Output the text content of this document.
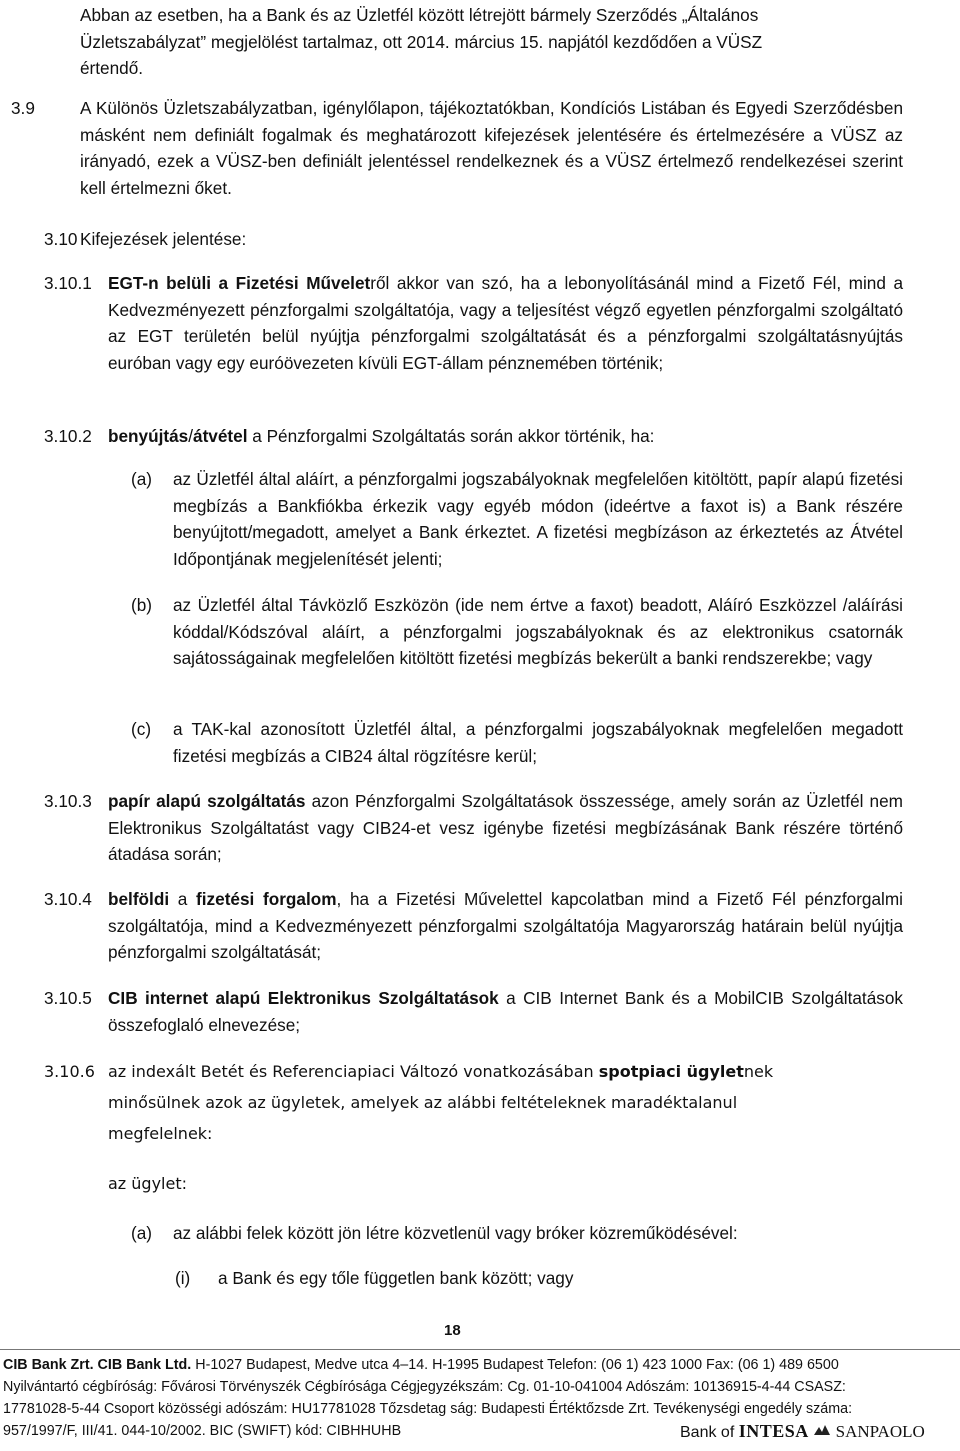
Abban az esetben, ha a Bank és az Üzletfél között létrejött bármely Szerződés „Általános
Üzletszabályzat” megjelölést tartalmaz, ott 2014. március 15. napjától kezdődően a VÜSZ
értendő.
3.9	A Különös Üzletszabályzatban, igénylőlapon, tájékoztatókban, Kondíciós Listában és Egyedi Szerződésben másként nem definiált fogalmak és meghatározott kifejezések jelentésére és értelmezésére a VÜSZ az irányadó, ezek a VÜSZ-ben definiált jelentéssel rendelkeznek és a VÜSZ értelmező rendelkezései szerint kell értelmezni őket.
3.10 Kifejezések jelentése:
3.10.1 EGT-n belüli a Fizetési Műveletről akkor van szó, ha a lebonyolításánál mind a Fizető Fél, mind a Kedvezményezett pénzforgalmi szolgáltatója, vagy a teljesítést végző egyetlen pénzforgalmi szolgáltató az EGT területén belül nyújtja pénzforgalmi szolgáltatását és a pénzforgalmi szolgáltatásnyújtás euróban vagy egy euróövezeten kívüli EGT-állam pénznemében történik;
3.10.2 benyújtás/átvétel a Pénzforgalmi Szolgáltatás során akkor történik, ha:
(a) az Üzletfél által aláírt, a pénzforgalmi jogszabályoknak megfelelően kitöltött, papír alapú fizetési megbízás a Bankfiókba érkezik vagy egyéb módon (ideértve a faxot is) a Bank részére benyújtott/megadott, amelyet a Bank érkeztet. A fizetési megbízáson az érkeztetés az Átvétel Időpontjának megjelenítését jelenti;
(b) az Üzletfél által Távközlő Eszközön (ide nem értve a faxot) beadott, Aláíró Eszközzel /aláírási kóddal/Kódszóval aláírt, a pénzforgalmi jogszabályoknak és az elektronikus csatornák sajátosságainak megfelelően kitöltött fizetési megbízás bekerült a banki rendszerekbe; vagy
(c) a TAK-kal azonosított Üzletfél által, a pénzforgalmi jogszabályoknak megfelelően megadott fizetési megbízás a CIB24 által rögzítésre kerül;
3.10.3 papír alapú szolgáltatás azon Pénzforgalmi Szolgáltatások összessége, amely során az Üzletfél nem Elektronikus Szolgáltatást vagy CIB24-et vesz igénybe fizetési megbízásának Bank részére történő átadása során;
3.10.4 belföldi a fizetési forgalom, ha a Fizetési Művelettel kapcolatban mind a Fizető Fél pénzforgalmi szolgáltatója, mind a Kedvezményezett pénzforgalmi szolgáltatója Magyarország határain belül nyújtja pénzforgalmi szolgáltatását;
3.10.5 CIB internet alapú Elektronikus Szolgáltatások a CIB Internet Bank és a MobilCIB Szolgáltatások összefoglaló elnevezése;
3.10.6 az indexált Betét és Referenciapiaci Változó vonatkozásában spotpiaci ügyletnek
minősülnek azok az ügyletek, amelyek az alábbi feltételeknek maradéktalanul
megfelelnek:
az ügylet:
(a) az alábbi felek között jön létre közvetlenül vagy bróker közreműködésével:
(i) a Bank és egy tőle független bank között; vagy
18
CIB Bank Zrt. CIB Bank Ltd. H-1027 Budapest, Medve utca 4–14. H-1995 Budapest Telefon: (06 1) 423 1000 Fax: (06 1) 489 6500
Nyilvántartó cégbíróság: Fővárosi Törvényszék Cégbírósága Cégjegyzékszám: Cg. 01-10-041004 Adószám: 10136915-4-44 CSASZ:
17781028-5-44 Csoport közösségi adószám: HU17781028 Tőzsdetag ság: Budapesti Értéktőzsde Zrt. Tevékenységi engedély száma:
957/1997/F, III/41. 044-10/2002. BIC (SWIFT) kód: CIBHHUHB	Bank of INTESA SANPAOLO
